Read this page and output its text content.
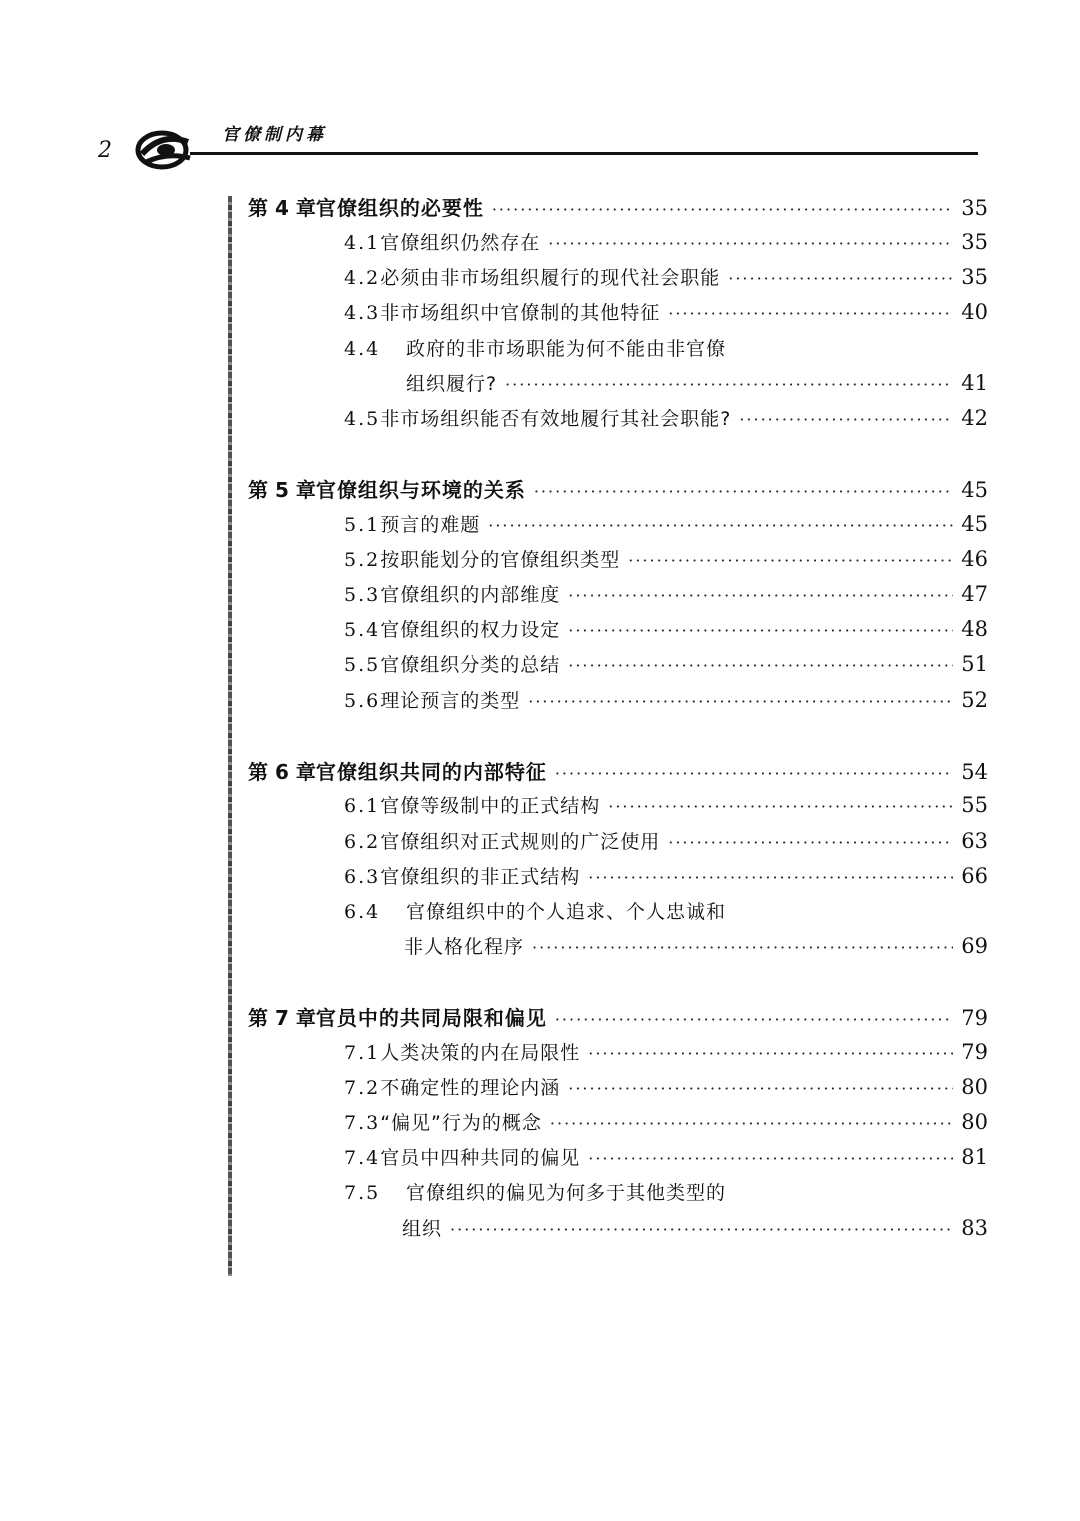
2
官僚制内幕
第 4 章 官僚组织的必要性 ·····	35
4.1 官僚组织仍然存在 ·····	35
4.2 必须由非市场组织履行的现代社会职能 ·····	35
4.3 非市场组织中官僚制的其他特征 ·····	40
4.4	政府的非市场职能为何不能由非官僚
组织履行? ·····	41
4.5 非市场组织能否有效地履行其社会职能? ·····	42
第 5 章 官僚组织与环境的关系 ·····	45
5.1 预言的难题 ·····	45
5.2 按职能划分的官僚组织类型 ·····	46
5.3 官僚组织的内部维度 ·····	47
5.4 官僚组织的权力设定 ·····	48
5.5 官僚组织分类的总结 ·····	51
5.6 理论预言的类型 ·····	52
第 6 章 官僚组织共同的内部特征 ·····	54
6.1 官僚等级制中的正式结构 ·····	55
6.2 官僚组织对正式规则的广泛使用 ·····	63
6.3 官僚组织的非正式结构 ·····	66
6.4	官僚组织中的个人追求、个人忠诚和
非人格化程序 ·····	69
第 7 章 官员中的共同局限和偏见 ·····	79
7.1 人类决策的内在局限性 ·····	79
7.2 不确定性的理论内涵 ·····	80
7.3 “偏见”行为的概念 ·····	80
7.4 官员中四种共同的偏见 ·····	81
7.5	官僚组织的偏见为何多于其他类型的
组织 ·····	83
